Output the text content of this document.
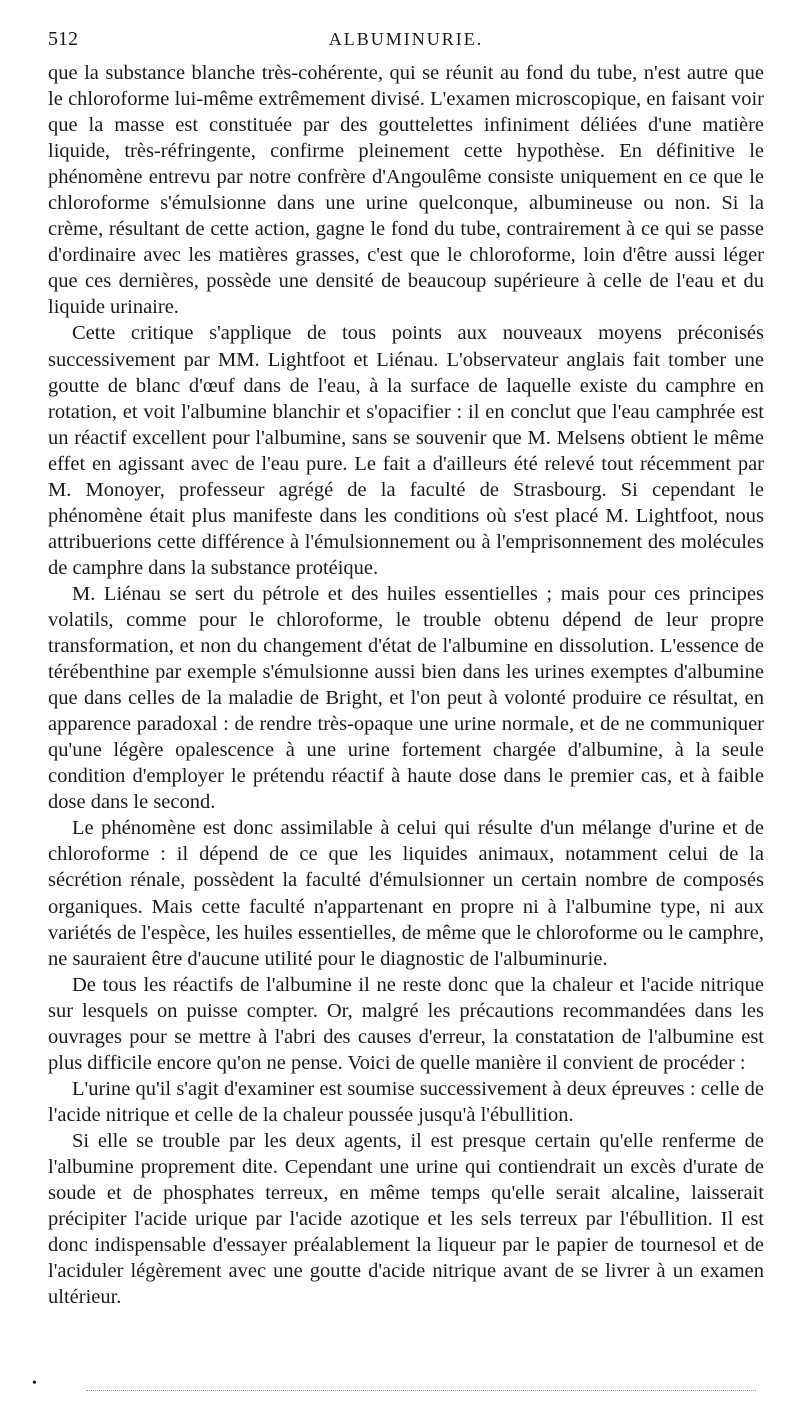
512	ALBUMINURIE.

que la substance blanche très-cohérente, qui se réunit au fond du tube, n'est autre que le chloroforme lui-même extrêmement divisé. L'examen microscopique, en faisant voir que la masse est constituée par des gouttelettes infiniment déliées d'une matière liquide, très-réfringente, confirme pleinement cette hypothèse. En définitive le phénomène entrevu par notre confrère d'Angoulême consiste uniquement en ce que le chloroforme s'émulsionne dans une urine quelconque, albumineuse ou non. Si la crème, résultant de cette action, gagne le fond du tube, contrairement à ce qui se passe d'ordinaire avec les matières grasses, c'est que le chloroforme, loin d'être aussi léger que ces dernières, possède une densité de beaucoup supérieure à celle de l'eau et du liquide urinaire.

Cette critique s'applique de tous points aux nouveaux moyens préconisés successivement par MM. Lightfoot et Liénau. L'observateur anglais fait tomber une goutte de blanc d'œuf dans de l'eau, à la surface de laquelle existe du camphre en rotation, et voit l'albumine blanchir et s'opacifier : il en conclut que l'eau camphrée est un réactif excellent pour l'albumine, sans se souvenir que M. Melsens obtient le même effet en agissant avec de l'eau pure. Le fait a d'ailleurs été relevé tout récemment par M. Monoyer, professeur agrégé de la faculté de Strasbourg. Si cependant le phénomène était plus manifeste dans les conditions où s'est placé M. Lightfoot, nous attribuerions cette différence à l'émulsionnement ou à l'emprisonnement des molécules de camphre dans la substance protéique.

M. Liénau se sert du pétrole et des huiles essentielles ; mais pour ces principes volatils, comme pour le chloroforme, le trouble obtenu dépend de leur propre transformation, et non du changement d'état de l'albumine en dissolution. L'essence de térébenthine par exemple s'émulsionne aussi bien dans les urines exemptes d'albumine que dans celles de la maladie de Bright, et l'on peut à volonté produire ce résultat, en apparence paradoxal : de rendre très-opaque une urine normale, et de ne communiquer qu'une légère opalescence à une urine fortement chargée d'albumine, à la seule condition d'employer le prétendu réactif à haute dose dans le premier cas, et à faible dose dans le second.

Le phénomène est donc assimilable à celui qui résulte d'un mélange d'urine et de chloroforme : il dépend de ce que les liquides animaux, notamment celui de la sécrétion rénale, possèdent la faculté d'émulsionner un certain nombre de composés organiques. Mais cette faculté n'appartenant en propre ni à l'albumine type, ni aux variétés de l'espèce, les huiles essentielles, de même que le chloroforme ou le camphre, ne sauraient être d'aucune utilité pour le diagnostic de l'albuminurie.

De tous les réactifs de l'albumine il ne reste donc que la chaleur et l'acide nitrique sur lesquels on puisse compter. Or, malgré les précautions recommandées dans les ouvrages pour se mettre à l'abri des causes d'erreur, la constatation de l'albumine est plus difficile encore qu'on ne pense. Voici de quelle manière il convient de procéder :

L'urine qu'il s'agit d'examiner est soumise successivement à deux épreuves : celle de l'acide nitrique et celle de la chaleur poussée jusqu'à l'ébullition.

Si elle se trouble par les deux agents, il est presque certain qu'elle renferme de l'albumine proprement dite. Cependant une urine qui contiendrait un excès d'urate de soude et de phosphates terreux, en même temps qu'elle serait alcaline, laisserait précipiter l'acide urique par l'acide azotique et les sels terreux par l'ébullition. Il est donc indispensable d'essayer préalablement la liqueur par le papier de tournesol et de l'aciduler légèrement avec une goutte d'acide nitrique avant de se livrer à un examen ultérieur.

•
